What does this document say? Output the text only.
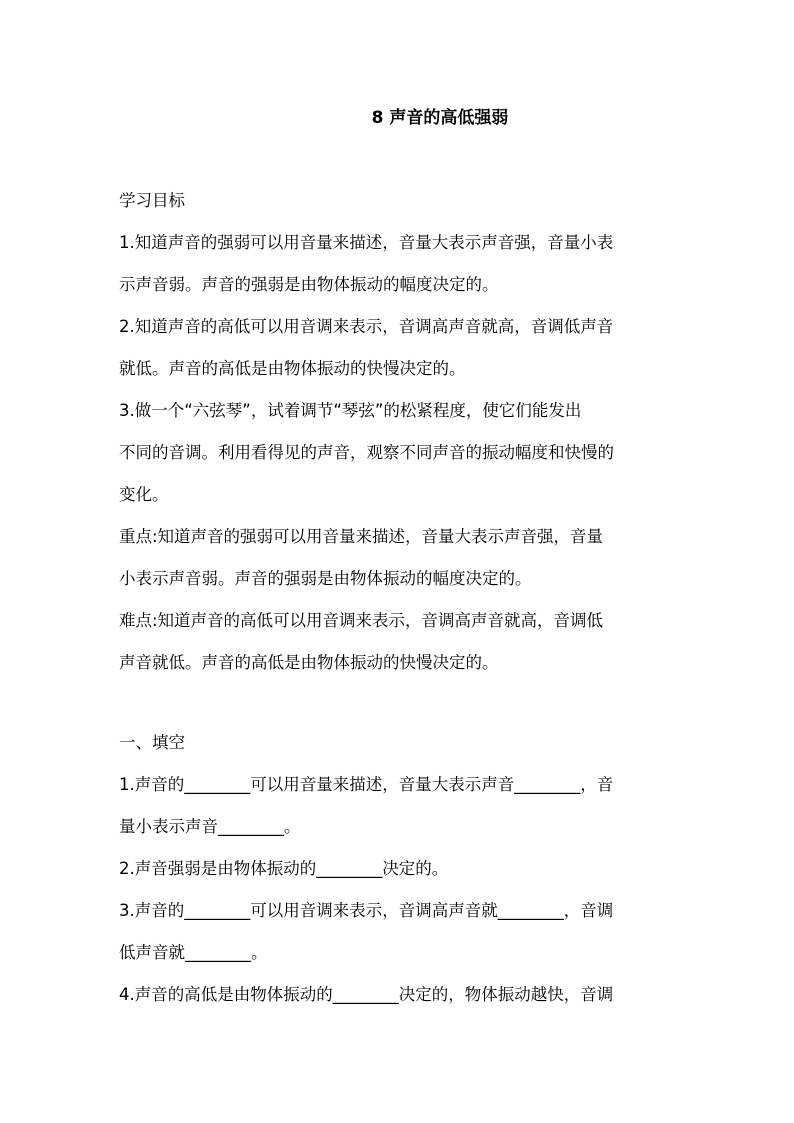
8 声音的高低强弱
学习目标
1.知道声音的强弱可以用音量来描述，音量大表示声音强，音量小表
示声音弱。声音的强弱是由物体振动的幅度决定的。
2.知道声音的高低可以用音调来表示，音调高声音就高，音调低声音
就低。声音的高低是由物体振动的快慢决定的。
3.做一个“六弦琴”，试着调节“琴弦”的松紧程度，使它们能发出
不同的音调。利用看得见的声音，观察不同声音的振动幅度和快慢的
变化。
重点:知道声音的强弱可以用音量来描述，音量大表示声音强，音量
小表示声音弱。声音的强弱是由物体振动的幅度决定的。
难点:知道声音的高低可以用音调来表示，音调高声音就高，音调低
声音就低。声音的高低是由物体振动的快慢决定的。
一、填空
1.声音的________可以用音量来描述，音量大表示声音________，音
量小表示声音________。
2.声音强弱是由物体振动的________决定的。
3.声音的________可以用音调来表示，音调高声音就________，音调
低声音就________。
4.声音的高低是由物体振动的________决定的，物体振动越快，音调
